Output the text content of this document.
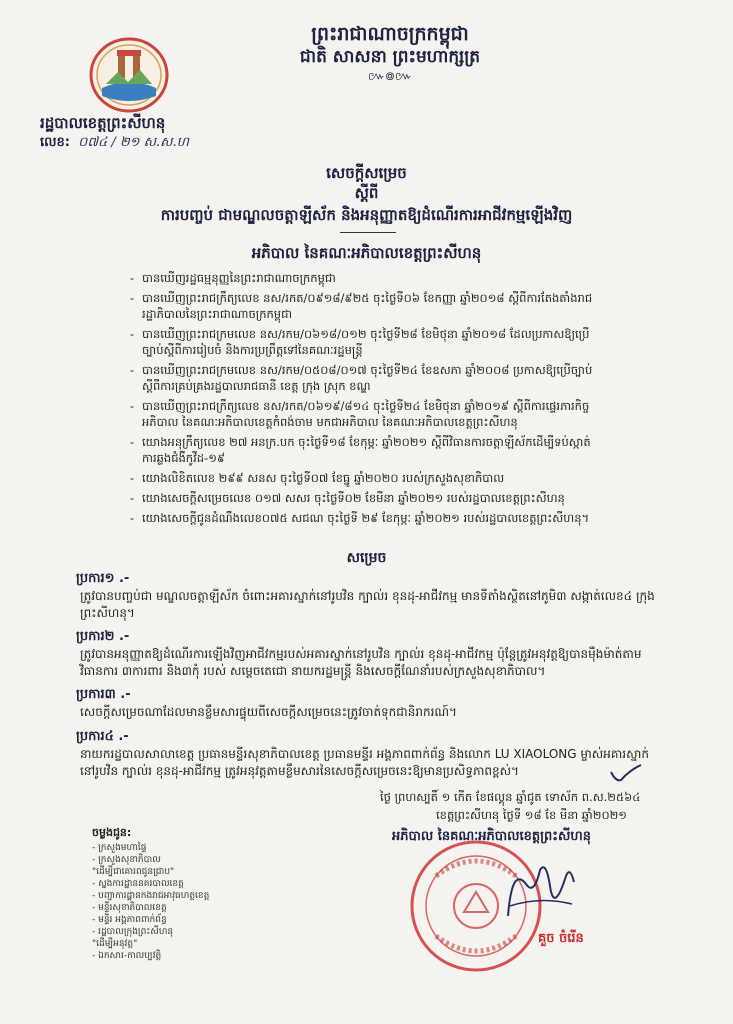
ព្រះរាជាណាចក្រកម្ពុជា
ជាតិ សាសនា ព្រះមហាក្សត្រ
៚៙៚
រដ្ឋបាលខេត្តព្រះសីហនុ
លេខ: ០៧៤ / ២១ ស.ស.ហ
សេចក្តីសម្រេច
ស្តីពី
ការបញ្ចប់ ជាមណ្ឌលចត្តាឡីស័ក និងអនុញ្ញាតឱ្យដំណើរការអាជីវកម្មឡើងវិញ
អភិបាល នៃគណៈអភិបាលខេត្តព្រះសីហនុ
- បានឃើញរដ្ឋធម្មនុញ្ញនៃព្រះរាជាណាចក្រកម្ពុជា
- បានឃើញព្រះរាជក្រឹត្យលេខ នស/រកត/០៩១៨/៩២៥ ចុះថ្ងៃទី០៦ ខែកញ្ញា ឆ្នាំ២០១៨ ស្តីពីការតែងតាំងរាជរដ្ឋាភិបាលនៃព្រះរាជាណាចក្រកម្ពុជា
- បានឃើញព្រះរាជក្រមលេខ នស/រកម/០៦១៨/០១២ ចុះថ្ងៃទី២៨ ខែមិថុនា ឆ្នាំ២០១៨ ដែលប្រកាសឱ្យប្រើច្បាប់ស្តីពីការរៀបចំ និងការប្រព្រឹត្តទៅនៃគណៈរដ្ឋមន្ត្រី
- បានឃើញព្រះរាជក្រមលេខ នស/រកម/០៥០៨/០១៧ ចុះថ្ងៃទី២៤ ខែឧសភា ឆ្នាំ២០០៨ ប្រកាសឱ្យប្រើច្បាប់ស្តីពីការគ្រប់គ្រងរដ្ឋបាលរាជធានី ខេត្ត ក្រុង ស្រុក ខណ្ឌ
- បានឃើញព្រះរាជក្រឹត្យលេខ នស/រកត/០៦១៩/៨១៤ ចុះថ្ងៃទី២៤ ខែមិថុនា ឆ្នាំ២០១៩ ស្តីពីការផ្ទេរភារកិច្ចអភិបាល នៃគណៈអភិបាលខេត្តកំពង់ចាម មកជាអភិបាល នៃគណៈអភិបាលខេត្តព្រះសីហនុ
- យោងអនុក្រឹត្យលេខ ២៧ អនក្រ.បក ចុះថ្ងៃទី១៨ ខែកុម្ភៈ ឆ្នាំ២០២១ ស្តីពីវិធានការចត្តាឡីស័កដើម្បីទប់ស្កាត់ការឆ្លងជំងឺកូវីដ-១៩
- យោងលិខិតលេខ ២៩៩ សនស ចុះថ្ងៃទី០៧ ខែធ្នូ ឆ្នាំ២០២០ របស់ក្រសួងសុខាភិបាល
- យោងសេចក្តីសម្រេចលេខ ០១៧ សសរ ចុះថ្ងៃទី០២ ខែមីនា ឆ្នាំ២០២១ របស់រដ្ឋបាលខេត្តព្រះសីហនុ
- យោងសេចក្តីជូនដំណឹងលេខ០៧៥ សជណ ចុះថ្ងៃទី ២៩ ខែកុម្ភៈ ឆ្នាំ២០២១ របស់រដ្ឋបាលខេត្តព្រះសីហនុ។
សម្រេច
ប្រការ១ .-
ត្រូវបានបញ្ចប់ជា មណ្ឌលចត្តាឡីស័ក ចំពោះអគារស្នាក់នៅរូបវិន ក្បាល់រ ខុនដុ-អាជីវកម្ម មានទីតាំងស្ថិតនៅភូមិ៣ សង្កាត់លេខ៤ ក្រុងព្រះសីហនុ។
ប្រការ២ .-
ត្រូវបានអនុញ្ញាតឱ្យដំណើរការឡើងវិញអាជីវកម្មរបស់អគារស្នាក់នៅរូបវិន ក្បាល់រ ខុនដុ-អាជីវកម្ម ប៉ុន្តែត្រូវអនុវត្តឱ្យបានម៉ឺងម៉ាត់តាមវិធានការ ៣ការពារ និង៣កុំ របស់ សម្តេចតេជោ នាយករដ្ឋមន្ត្រី និងសេចក្តីណែនាំរបស់ក្រសួងសុខាភិបាល។
ប្រការ៣ .-
សេចក្តីសម្រេចណាដែលមានខ្លឹមសារផ្ទុយពីសេចក្តីសម្រេចនេះត្រូវចាត់ទុកជានិរាករណ៍។
ប្រការ៤ .-
នាយករដ្ឋបាលសាលាខេត្ត ប្រធានមន្ទីរសុខាភិបាលខេត្ត ប្រធានមន្ទីរ អង្គភាពពាក់ព័ន្ធ និងលោក LU XIAOLONG ម្ចាស់អគារស្នាក់នៅរូបវិន ក្បាល់រ ខុនដុ-អាជីវកម្ម ត្រូវអនុវត្តតាមខ្លឹមសារនៃសេចក្តីសម្រេចនេះឱ្យមានប្រសិទ្ធភាពខ្ពស់។
ថ្ងៃ ព្រហស្បតិ៍ ១ កើត ខែផល្គុន ឆ្នាំជូត ទោស័ក ព.ស.២៥៦៤
ខេត្តព្រះសីហនុ ថ្ងៃទី ១៨ ខែ មីនា ឆ្នាំ២០២១
អភិបាល នៃគណៈអភិបាលខេត្តព្រះសីហនុ
គួច ចំរើន
ចម្លងជូន:
- ក្រសួងមហាផ្ទៃ
- ក្រសួងសុខាភិបាល
"ដើម្បីជាគោរពជូនជ្រាប"
- ស្នងការដ្ឋាននគរបាលខេត្ត
- បញ្ជាការដ្ឋានកងរាជអាវុធហត្ថខេត្ត
- មន្ទីរសុខាភិបាលខេត្ត
- មន្ទីរ អង្គភាពពាក់ព័ន្ធ
- រដ្ឋបាលក្រុងព្រះសីហនុ
"ដើម្បីអនុវត្ត"
- ឯកសារ-កាលប្បវត្តិ
